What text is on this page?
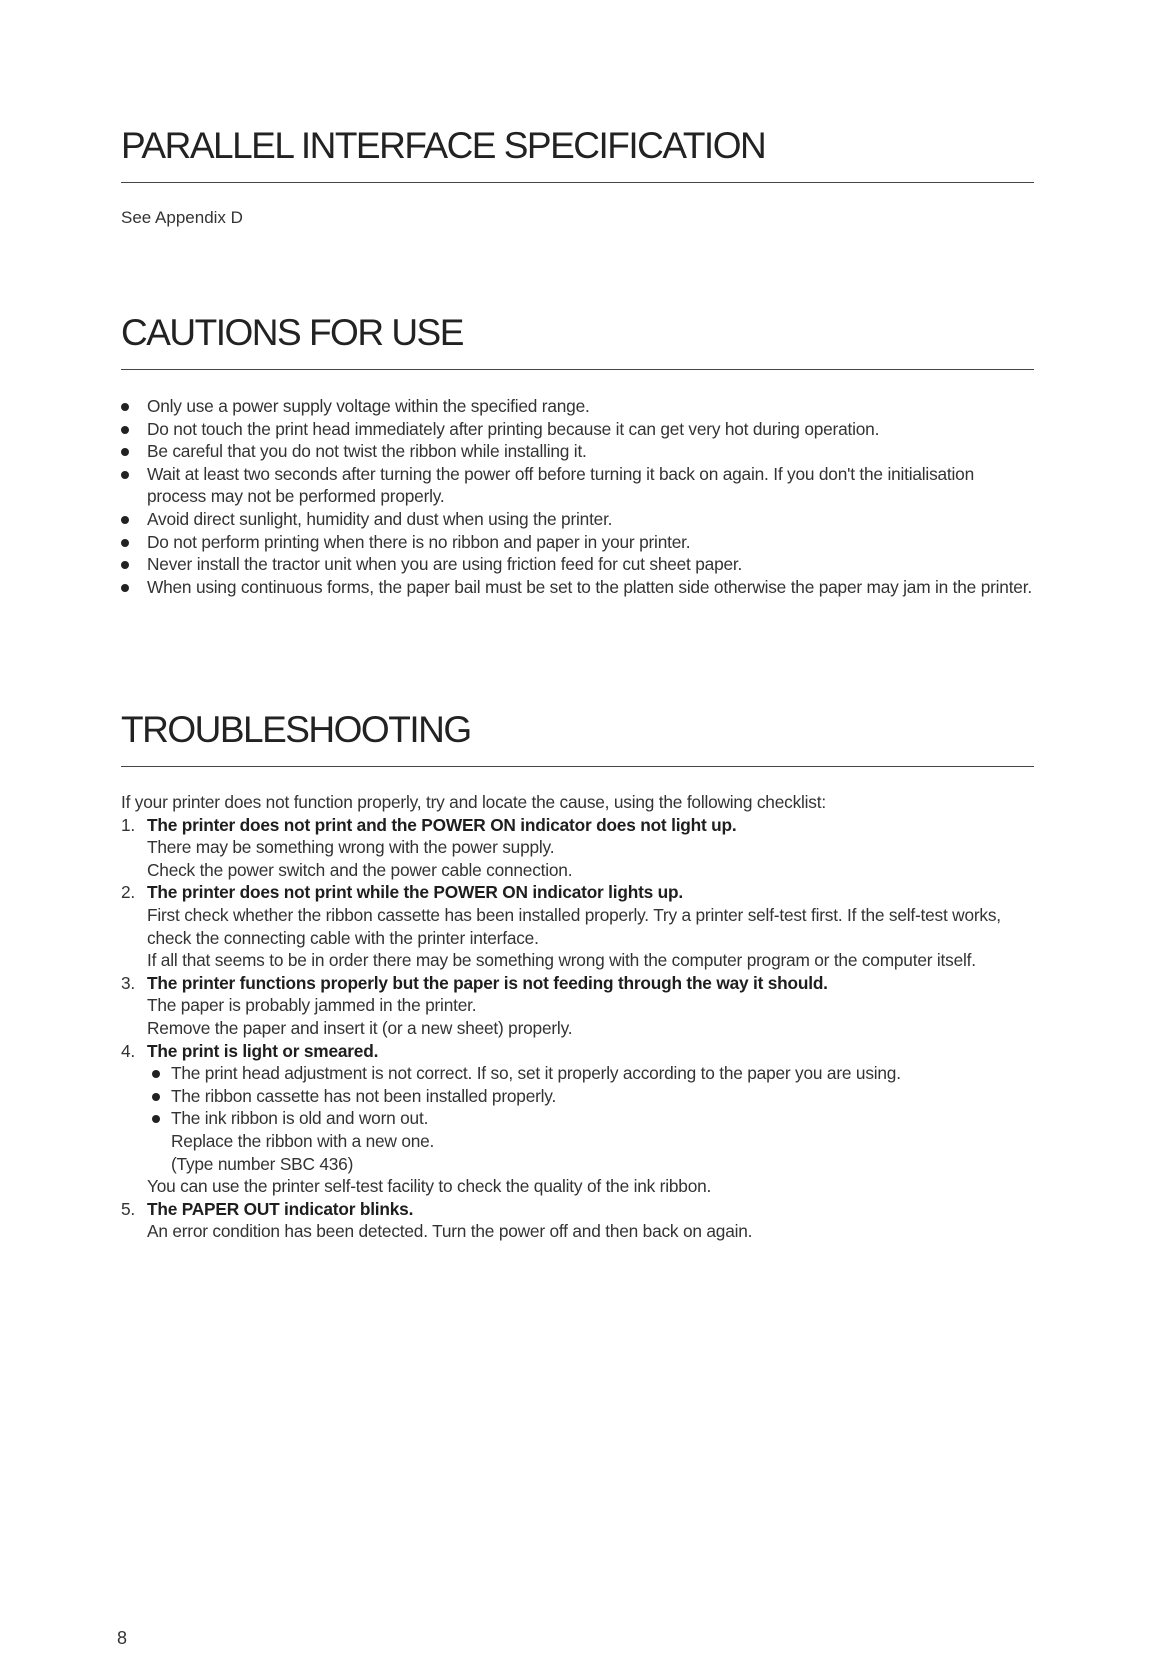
PARALLEL INTERFACE SPECIFICATION
See Appendix D
CAUTIONS FOR USE
Only use a power supply voltage within the specified range.
Do not touch the print head immediately after printing because it can get very hot during operation.
Be careful that you do not twist the ribbon while installing it.
Wait at least two seconds after turning the power off before turning it back on again. If you don't the initialisation process may not be performed properly.
Avoid direct sunlight, humidity and dust when using the printer.
Do not perform printing when there is no ribbon and paper in your printer.
Never install the tractor unit when you are using friction feed for cut sheet paper.
When using continuous forms, the paper bail must be set to the platten side otherwise the paper may jam in the printer.
TROUBLESHOOTING
If your printer does not function properly, try and locate the cause, using the following checklist:
1. The printer does not print and the POWER ON indicator does not light up.
There may be something wrong with the power supply.
Check the power switch and the power cable connection.
2. The printer does not print while the POWER ON indicator lights up.
First check whether the ribbon cassette has been installed properly. Try a printer self-test first. If the self-test works, check the connecting cable with the printer interface.
If all that seems to be in order there may be something wrong with the computer program or the computer itself.
3. The printer functions properly but the paper is not feeding through the way it should.
The paper is probably jammed in the printer.
Remove the paper and insert it (or a new sheet) properly.
4. The print is light or smeared.
The print head adjustment is not correct. If so, set it properly according to the paper you are using.
The ribbon cassette has not been installed properly.
The ink ribbon is old and worn out.
Replace the ribbon with a new one.
(Type number SBC 436)
You can use the printer self-test facility to check the quality of the ink ribbon.
5. The PAPER OUT indicator blinks.
An error condition has been detected. Turn the power off and then back on again.
8
